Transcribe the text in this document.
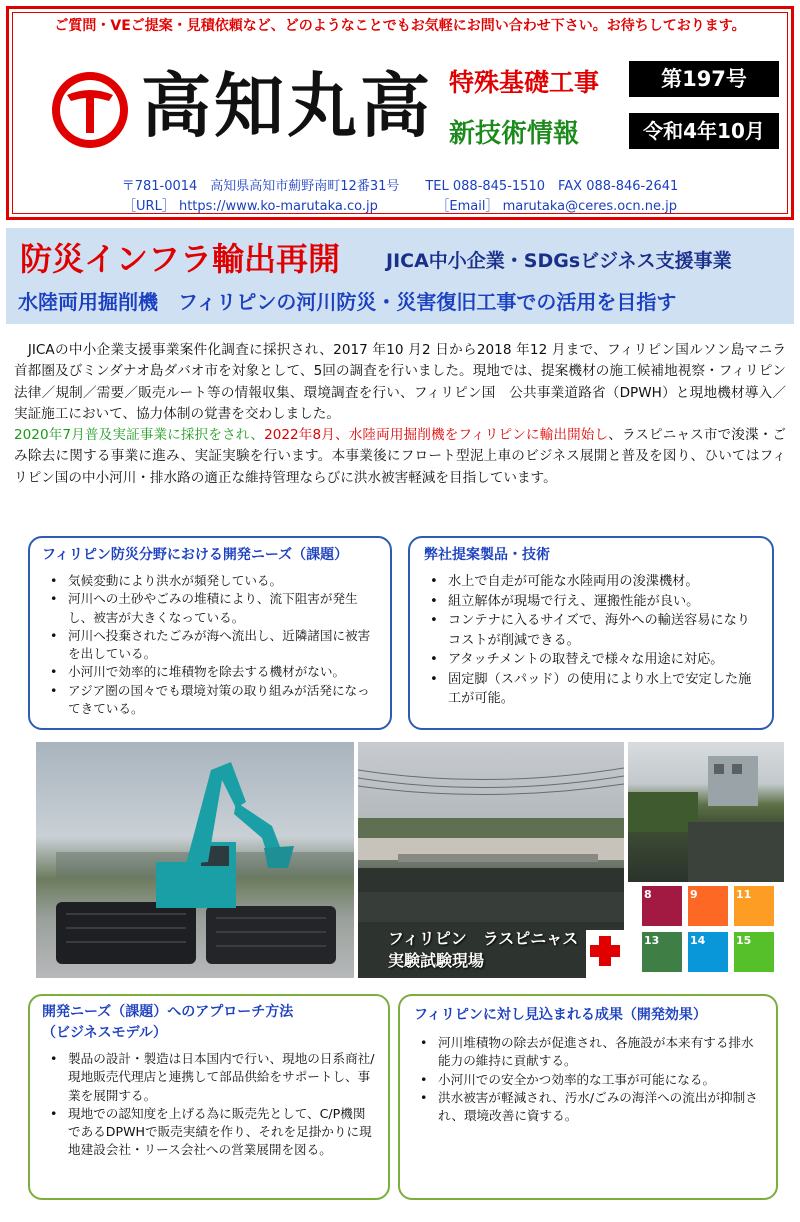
ご質問・VEご提案・見積依頼など、どのようなことでもお気軽にお問い合わせ下さい。お待ちしております。
高知丸高 特殊基礎工事
新技術情報
第197号
令和4年10月
〒781-0014　高知県高知市薊野南町12番31号　　TEL 088-845-1510　FAX 088-846-2641
［URL］ https://www.ko-marutaka.co.jp　　　　　［Email］ marutaka@ceres.ocn.ne.jp
防災インフラ輸出再開 JICA中小企業・SDGsビジネス支援事業
水陸両用掘削機　フィリピンの河川防災・災害復旧工事での活用を目指す
　JICAの中小企業支援事業案件化調査に採択され、2017 年10 月2 日から2018 年12 月まで、フィリピン国ルソン島マニラ首都圏及びミンダナオ島ダバオ市を対象として、5回の調査を行いました。現地では、提案機材の施工候補地視察・フィリピン法律／規制／需要／販売ルート等の情報収集、環境調査を行い、フィリピン国　公共事業道路省（DPWH）と現地機材導入／実証施工において、協力体制の覚書を交わしました。
2020年7月普及実証事業に採択をされ、2022年8月、水陸両用掘削機をフィリピンに輸出開始し、ラスピニャス市で浚渫・ごみ除去に関する事業に進み、実証実験を行います。本事業後にフロート型泥上車のビジネス展開と普及を図り、ひいてはフィリピン国の中小河川・排水路の適正な維持管理ならびに洪水被害軽減を目指しています。
フィリピン防災分野における開発ニーズ（課題）
• 気候変動により洪水が頻発している。
• 河川への土砂やごみの堆積により、流下阻害が発生し、被害が大きくなっている。
• 河川へ投棄されたごみが海へ流出し、近隣諸国に被害を出している。
• 小河川で効率的に堆積物を除去する機材がない。
• アジア圏の国々でも環境対策の取り組みが活発になってきている。
弊社提案製品・技術
• 水上で自走が可能な水陸両用の浚渫機材。
• 組立解体が現場で行え、運搬性能が良い。
• コンテナに入るサイズで、海外への輸送容易になりコストが削減できる。
• アタッチメントの取替えで様々な用途に対応。
• 固定脚（スパッド）の使用により水上で安定した施工が可能。
フィリピン　ラスピニャス
実験試験現場
8	9	11
13	14	15
開発ニーズ（課題）へのアプローチ方法
（ビジネスモデル）
• 製品の設計・製造は日本国内で行い、現地の日系商社/現地販売代理店と連携して部品供給をサポートし、事業を展開する。
• 現地での認知度を上げる為に販売先として、C/P機関であるDPWHで販売実績を作り、それを足掛かりに現地建設会社・リース会社への営業展開を図る。
フィリピンに対し見込まれる成果（開発効果）
• 河川堆積物の除去が促進され、各施設が本来有する排水能力の維持に貢献する。
• 小河川での安全かつ効率的な工事が可能になる。
• 洪水被害が軽減され、汚水/ごみの海洋への流出が抑制され、環境改善に資する。
